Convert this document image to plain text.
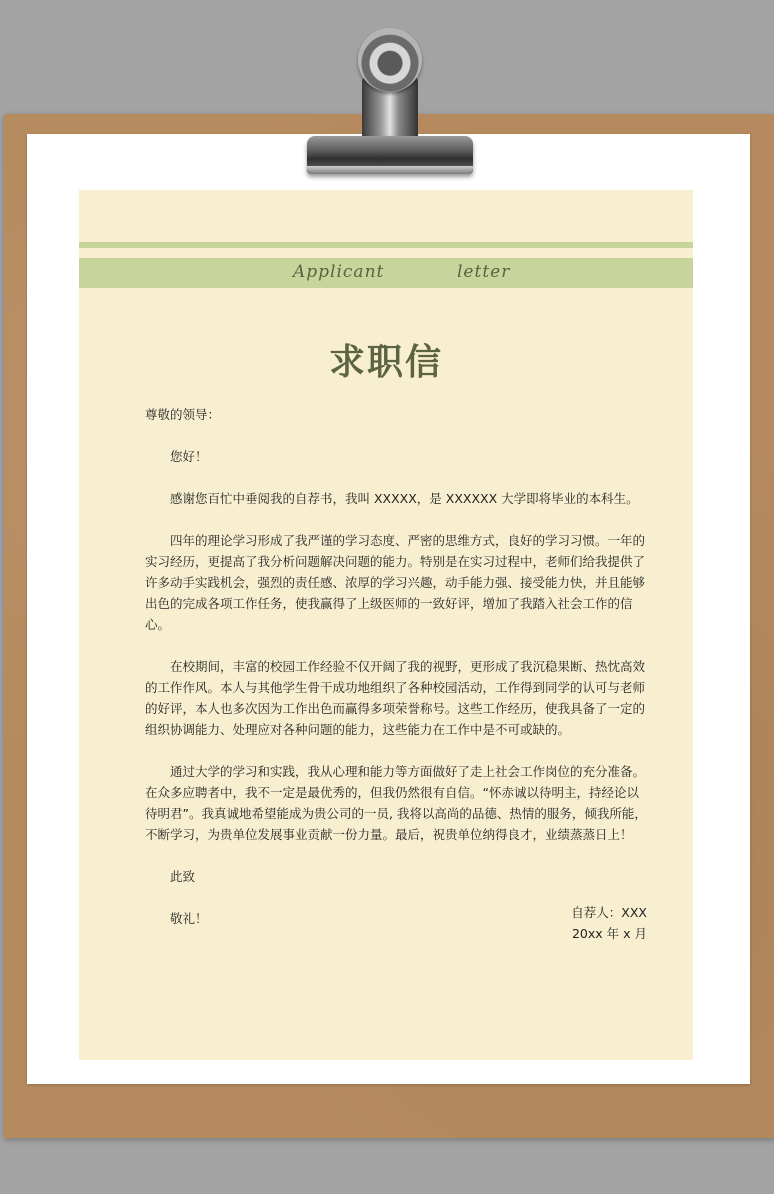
Applicant	letter
求职信

尊敬的领导：

您好！

感谢您百忙中垂阅我的自荐书，我叫 XXXXX，是 XXXXXX 大学即将毕业的本科生。

四年的理论学习形成了我严谨的学习态度、严密的思维方式，良好的学习习惯。一年的实习经历，更提高了我分析问题解决问题的能力。特别是在实习过程中，老师们给我提供了许多动手实践机会，强烈的责任感、浓厚的学习兴趣，动手能力强、接受能力快，并且能够出色的完成各项工作任务，使我赢得了上级医师的一致好评，增加了我踏入社会工作的信心。

在校期间，丰富的校园工作经验不仅开阔了我的视野，更形成了我沉稳果断、热忱高效的工作作风。本人与其他学生骨干成功地组织了各种校园活动，工作得到同学的认可与老师的好评，本人也多次因为工作出色而赢得多项荣誉称号。这些工作经历，使我具备了一定的组织协调能力、处理应对各种问题的能力，这些能力在工作中是不可或缺的。

通过大学的学习和实践，我从心理和能力等方面做好了走上社会工作岗位的充分准备。在众多应聘者中，我不一定是最优秀的，但我仍然很有自信。“怀赤诚以待明主，持经论以待明君”。我真诚地希望能成为贵公司的一员, 我将以高尚的品德、热情的服务，倾我所能，不断学习，为贵单位发展事业贡献一份力量。最后，祝贵单位纳得良才，业绩蒸蒸日上！

此致

敬礼！	自荐人：XXX
20xx 年 x 月
